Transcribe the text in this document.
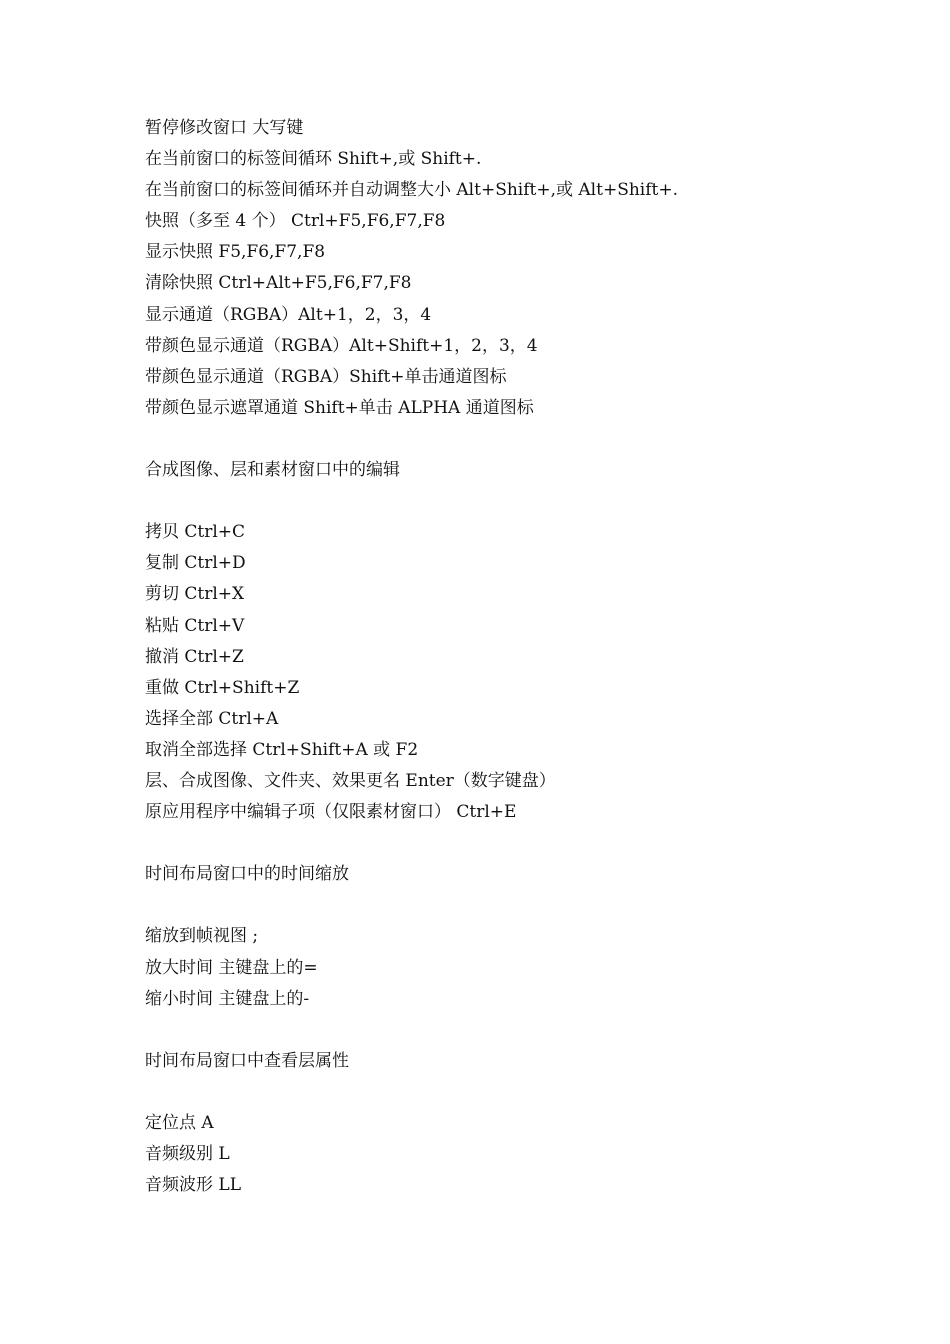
暂停修改窗口 大写键
在当前窗口的标签间循环 Shift+,或 Shift+.
在当前窗口的标签间循环并自动调整大小 Alt+Shift+,或 Alt+Shift+.
快照（多至 4 个） Ctrl+F5,F6,F7,F8
显示快照 F5,F6,F7,F8
清除快照 Ctrl+Alt+F5,F6,F7,F8
显示通道（RGBA）Alt+1，2，3，4
带颜色显示通道（RGBA）Alt+Shift+1，2，3，4
带颜色显示通道（RGBA）Shift+单击通道图标
带颜色显示遮罩通道 Shift+单击 ALPHA 通道图标
合成图像、层和素材窗口中的编辑
拷贝 Ctrl+C
复制 Ctrl+D
剪切 Ctrl+X
粘贴 Ctrl+V
撤消 Ctrl+Z
重做 Ctrl+Shift+Z
选择全部 Ctrl+A
取消全部选择 Ctrl+Shift+A 或 F2
层、合成图像、文件夹、效果更名 Enter（数字键盘）
原应用程序中编辑子项（仅限素材窗口） Ctrl+E
时间布局窗口中的时间缩放
缩放到帧视图 ;
放大时间 主键盘上的=
缩小时间 主键盘上的-
时间布局窗口中查看层属性
定位点 A
音频级别 L
音频波形 LL
